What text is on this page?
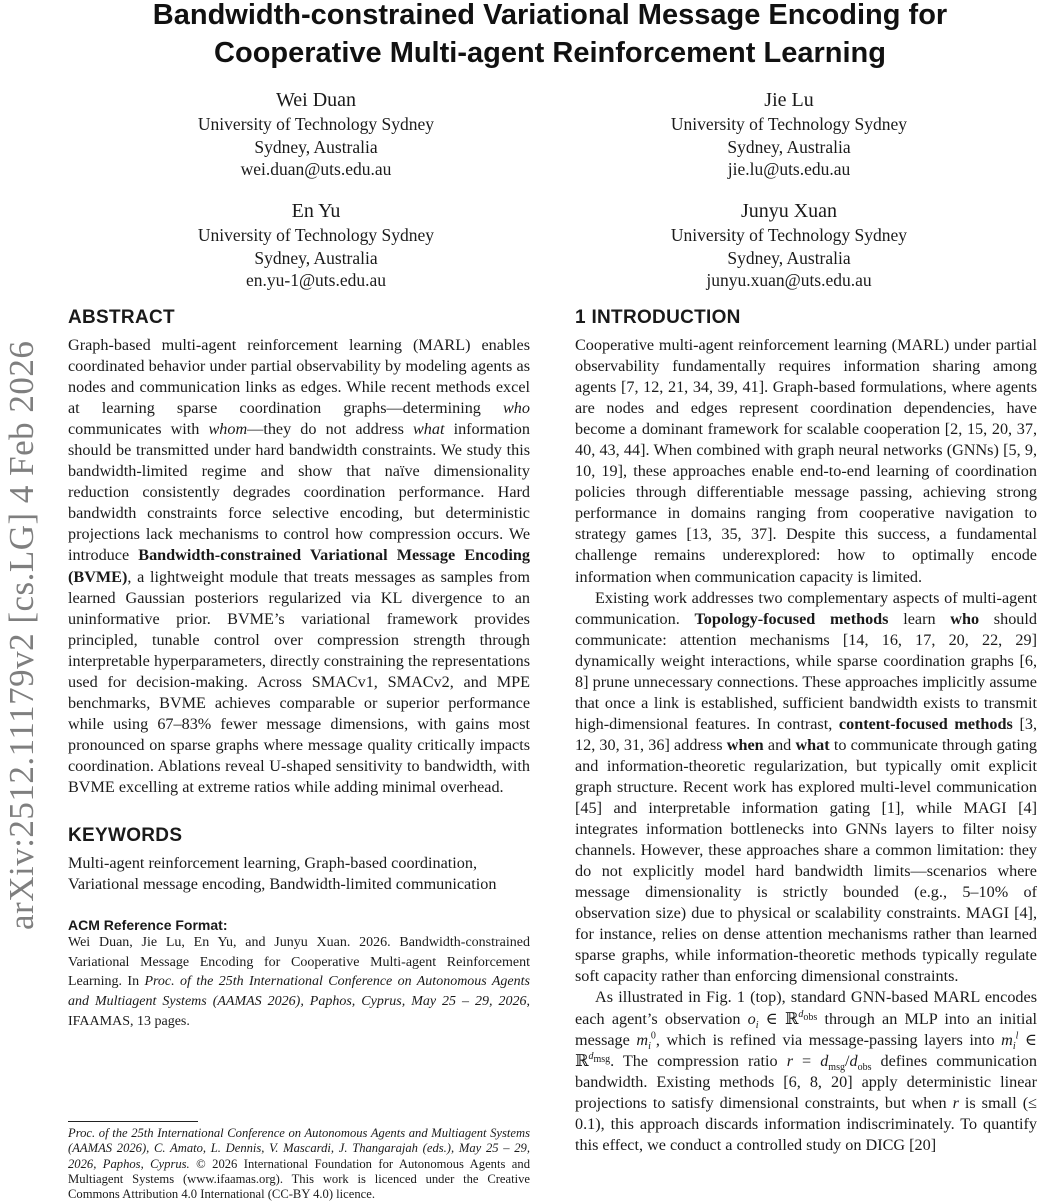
arXiv:2512.11179v2 [cs.LG] 4 Feb 2026
Bandwidth-constrained Variational Message Encoding for
Cooperative Multi-agent Reinforcement Learning
Wei Duan
University of Technology Sydney
Sydney, Australia
wei.duan@uts.edu.au
Jie Lu
University of Technology Sydney
Sydney, Australia
jie.lu@uts.edu.au
En Yu
University of Technology Sydney
Sydney, Australia
en.yu-1@uts.edu.au
Junyu Xuan
University of Technology Sydney
Sydney, Australia
junyu.xuan@uts.edu.au
ABSTRACT

Graph-based multi-agent reinforcement learning (MARL) enables coordinated behavior under partial observability by modeling agents as nodes and communication links as edges. While recent methods excel at learning sparse coordination graphs—determining who communicates with whom—they do not address what information should be transmitted under hard bandwidth constraints. We study this bandwidth-limited regime and show that naïve dimensionality reduction consistently degrades coordination performance. Hard bandwidth constraints force selective encoding, but deterministic projections lack mechanisms to control how compression occurs. We introduce Bandwidth-constrained Variational Message Encoding (BVME), a lightweight module that treats messages as samples from learned Gaussian posteriors regularized via KL divergence to an uninformative prior. BVME’s variational framework provides principled, tunable control over compression strength through interpretable hyperparameters, directly constraining the representations used for decision-making. Across SMACv1, SMACv2, and MPE benchmarks, BVME achieves comparable or superior performance while using 67–83% fewer message dimensions, with gains most pronounced on sparse graphs where message quality critically impacts coordination. Ablations reveal U-shaped sensitivity to bandwidth, with BVME excelling at extreme ratios while adding minimal overhead.

KEYWORDS

Multi-agent reinforcement learning, Graph-based coordination, Variational message encoding, Bandwidth-limited communication

ACM Reference Format:

Wei Duan, Jie Lu, En Yu, and Junyu Xuan. 2026. Bandwidth-constrained Variational Message Encoding for Cooperative Multi-agent Reinforcement Learning. In Proc. of the 25th International Conference on Autonomous Agents and Multiagent Systems (AAMAS 2026), Paphos, Cyprus, May 25 – 29, 2026, IFAAMAS, 13 pages.

Proc. of the 25th International Conference on Autonomous Agents and Multiagent Systems (AAMAS 2026), C. Amato, L. Dennis, V. Mascardi, J. Thangarajah (eds.), May 25 – 29, 2026, Paphos, Cyprus. © 2026 International Foundation for Autonomous Agents and Multiagent Systems (www.ifaamas.org). This work is licenced under the Creative Commons Attribution 4.0 International (CC-BY 4.0) licence.
1 INTRODUCTION

Cooperative multi-agent reinforcement learning (MARL) under partial observability fundamentally requires information sharing among agents [7, 12, 21, 34, 39, 41]. Graph-based formulations, where agents are nodes and edges represent coordination dependencies, have become a dominant framework for scalable cooperation [2, 15, 20, 37, 40, 43, 44]. When combined with graph neural networks (GNNs) [5, 9, 10, 19], these approaches enable end-to-end learning of coordination policies through differentiable message passing, achieving strong performance in domains ranging from cooperative navigation to strategy games [13, 35, 37]. Despite this success, a fundamental challenge remains underexplored: how to optimally encode information when communication capacity is limited.

Existing work addresses two complementary aspects of multi-agent communication. Topology-focused methods learn who should communicate: attention mechanisms [14, 16, 17, 20, 22, 29] dynamically weight interactions, while sparse coordination graphs [6, 8] prune unnecessary connections. These approaches implicitly assume that once a link is established, sufficient bandwidth exists to transmit high-dimensional features. In contrast, content-focused methods [3, 12, 30, 31, 36] address when and what to communicate through gating and information-theoretic regularization, but typically omit explicit graph structure. Recent work has explored multi-level communication [45] and interpretable information gating [1], while MAGI [4] integrates information bottlenecks into GNNs layers to filter noisy channels. However, these approaches share a common limitation: they do not explicitly model hard bandwidth limits—scenarios where message dimensionality is strictly bounded (e.g., 5–10% of observation size) due to physical or scalability constraints. MAGI [4], for instance, relies on dense attention mechanisms rather than learned sparse graphs, while information-theoretic methods typically regulate soft capacity rather than enforcing dimensional constraints.

As illustrated in Fig. 1 (top), standard GNN-based MARL encodes each agent’s observation $o_i$ ∈ ℝ$^{d_{obs}}$ through an MLP into an initial message $m_i^0$, which is refined via message-passing layers into $m_i^l$ ∈ ℝ$^{d_{msg}}$. The compression ratio $r = d_{msg}/d_{obs}$ defines communication bandwidth. Existing methods [6, 8, 20] apply deterministic linear projections to satisfy dimensional constraints, but when r is small (≤ 0.1), this approach discards information indiscriminately. To quantify this effect, we conduct a controlled study on DICG [20]
